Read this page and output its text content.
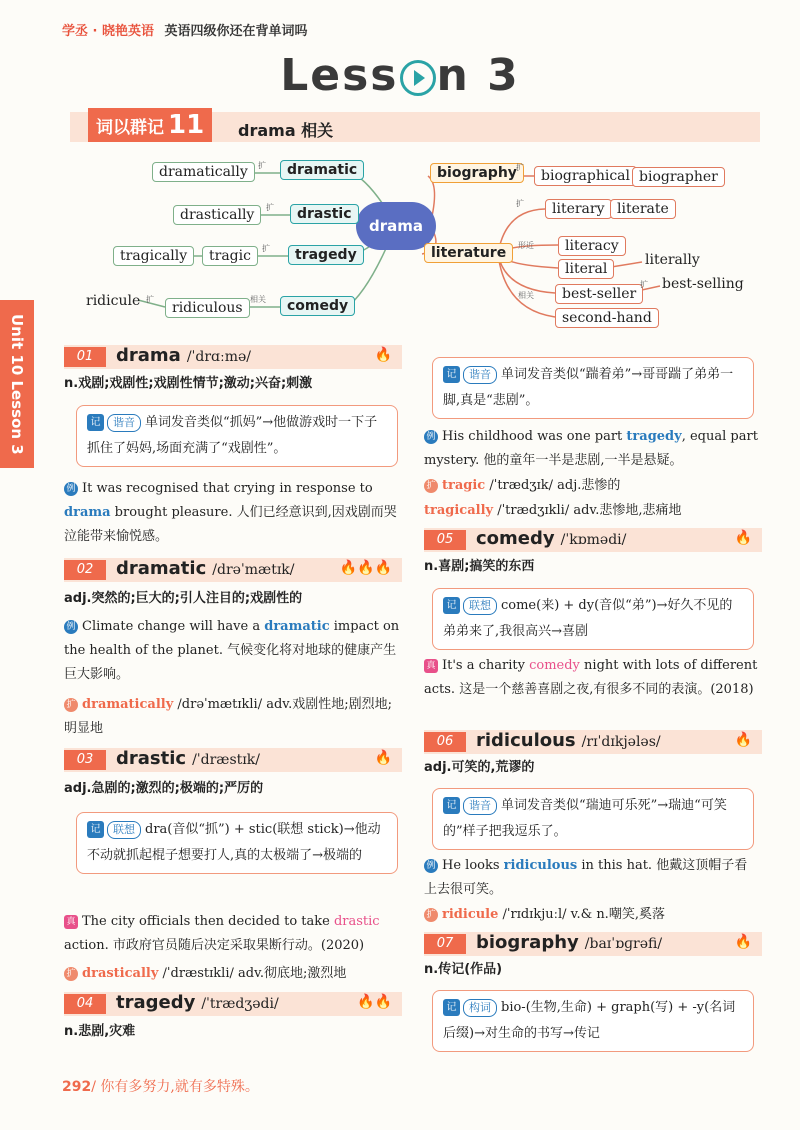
学丞 · 晓艳英语 英语四级你还在背单词吗
Less n 3
词以群记 11	drama 相关
drama
dramatically	扩	dramatic
drastically	扩	drastic
tragically	tragic	扩	tragedy
ridicule 扩
ridiculous
相关	comedy
biography 扩
biographical biographer
literature
扩	literary literate
形近	literacy
literal
literally
相关	best-seller
扩 best-selling
second-hand
Unit 10 Lesson 3	01	drama /ˈdrɑːmə/	🔥
n.戏剧;戏剧性;戏剧性情节;激动;兴奋;刺激
记 谐音 单词发音类似“抓妈”→他做游戏时一下子抓住了妈妈,场面充满了“戏剧性”。
例 It was recognised that crying in response to drama brought pleasure. 人们已经意识到,因戏剧而哭泣能带来愉悦感。
02	dramatic /drəˈmætɪk/	🔥🔥🔥
adj.突然的;巨大的;引人注目的;戏剧性的
例 Climate change will have a dramatic impact on the health of the planet. 气候变化将对地球的健康产生巨大影响。
扩 dramatically /drəˈmætɪkli/ adv.戏剧性地;剧烈地;明显地
03	drastic /ˈdræstɪk/	🔥
adj.急剧的;激烈的;极端的;严厉的
记 联想 dra(音似“抓”) + stic(联想 stick)→他动不动就抓起棍子想要打人,真的太极端了→极端的
真 The city officials then decided to take drastic action. 市政府官员随后决定采取果断行动。(2020)
扩 drastically /ˈdræstɪkli/ adv.彻底地;激烈地
04	tragedy /ˈtrædʒədi/	🔥🔥
n.悲剧,灾难
记 谐音 单词发音类似“踹着弟”→哥哥踹了弟弟一脚,真是“悲剧”。
例 His childhood was one part tragedy, equal part mystery. 他的童年一半是悲剧,一半是悬疑。
扩 tragic /ˈtrædʒɪk/ adj.悲惨的
tragically /ˈtrædʒɪkli/ adv.悲惨地,悲痛地
05	comedy /ˈkɒmədi/	🔥
n.喜剧;搞笑的东西
记 联想 come(来) + dy(音似“弟”)→好久不见的弟弟来了,我很高兴→喜剧
真 It's a charity comedy night with lots of different acts. 这是一个慈善喜剧之夜,有很多不同的表演。(2018)
06	ridiculous /rɪˈdɪkjələs/	🔥
adj.可笑的,荒谬的
记 谐音 单词发音类似“瑞迪可乐死”→瑞迪“可笑的”样子把我逗乐了。
例 He looks ridiculous in this hat. 他戴这顶帽子看上去很可笑。
扩 ridicule /ˈrɪdɪkjuːl/ v.& n.嘲笑,奚落
07	biography /baɪˈɒɡrəfi/	🔥
n.传记(作品)
记 构词 bio-(生物,生命) + graph(写) + -y(名词后缀)→对生命的书写→传记
292/ 你有多努力,就有多特殊。
